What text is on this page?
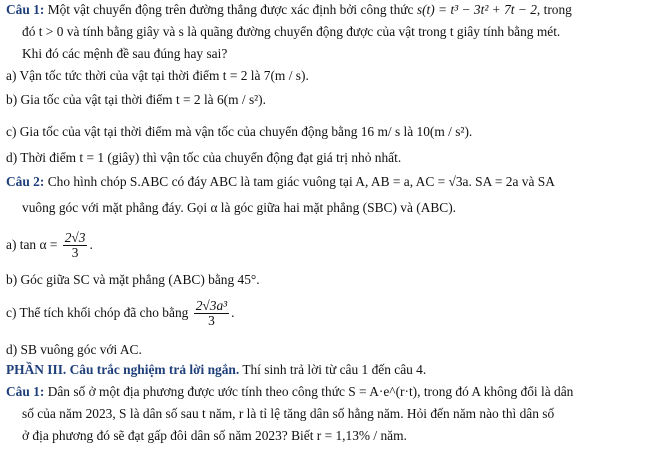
Câu 1: Một vật chuyển động trên đường thẳng được xác định bởi công thức s(t) = t³ − 3t² + 7t − 2, trong
đó t > 0 và tính bằng giây và s là quãng đường chuyển động được của vật trong t giây tính bằng mét.
Khi đó các mệnh đề sau đúng hay sai?
a) Vận tốc tức thời của vật tại thời điểm t = 2 là 7(m / s).
b) Gia tốc của vật tại thời điểm t = 2 là 6(m / s²).
c) Gia tốc của vật tại thời điểm mà vận tốc của chuyển động bằng 16 m/ s là 10(m / s²).
d) Thời điểm t = 1 (giây) thì vận tốc của chuyển động đạt giá trị nhỏ nhất.
Câu 2: Cho hình chóp S.ABC có đáy ABC là tam giác vuông tại A, AB = a, AC = √3a. SA = 2a và SA
vuông góc với mặt phẳng đáy. Gọi α là góc giữa hai mặt phẳng (SBC) và (ABC).
a) $\tan \alpha = \frac{2√3}{3}$ .
b) Góc giữa SC và mặt phẳng (ABC) bằng 45°.
c) Thể tích khối chóp đã cho bằng $\frac{\text{2√3a³}}{3}$ .
d) SB vuông góc với AC.
PHẦN III. Câu trắc nghiệm trả lời ngắn. Thí sinh trả lời từ câu 1 đến câu 4.
Câu 1: Dân số ở một địa phương được ước tính theo công thức S = A·e^(r·t), trong đó A không đổi là dân
số của năm 2023, S là dân số sau t năm, r là tỉ lệ tăng dân số hằng năm. Hỏi đến năm nào thì dân số
ở địa phương đó sẽ đạt gấp đôi dân số năm 2023? Biết r = 1,13% / năm.
